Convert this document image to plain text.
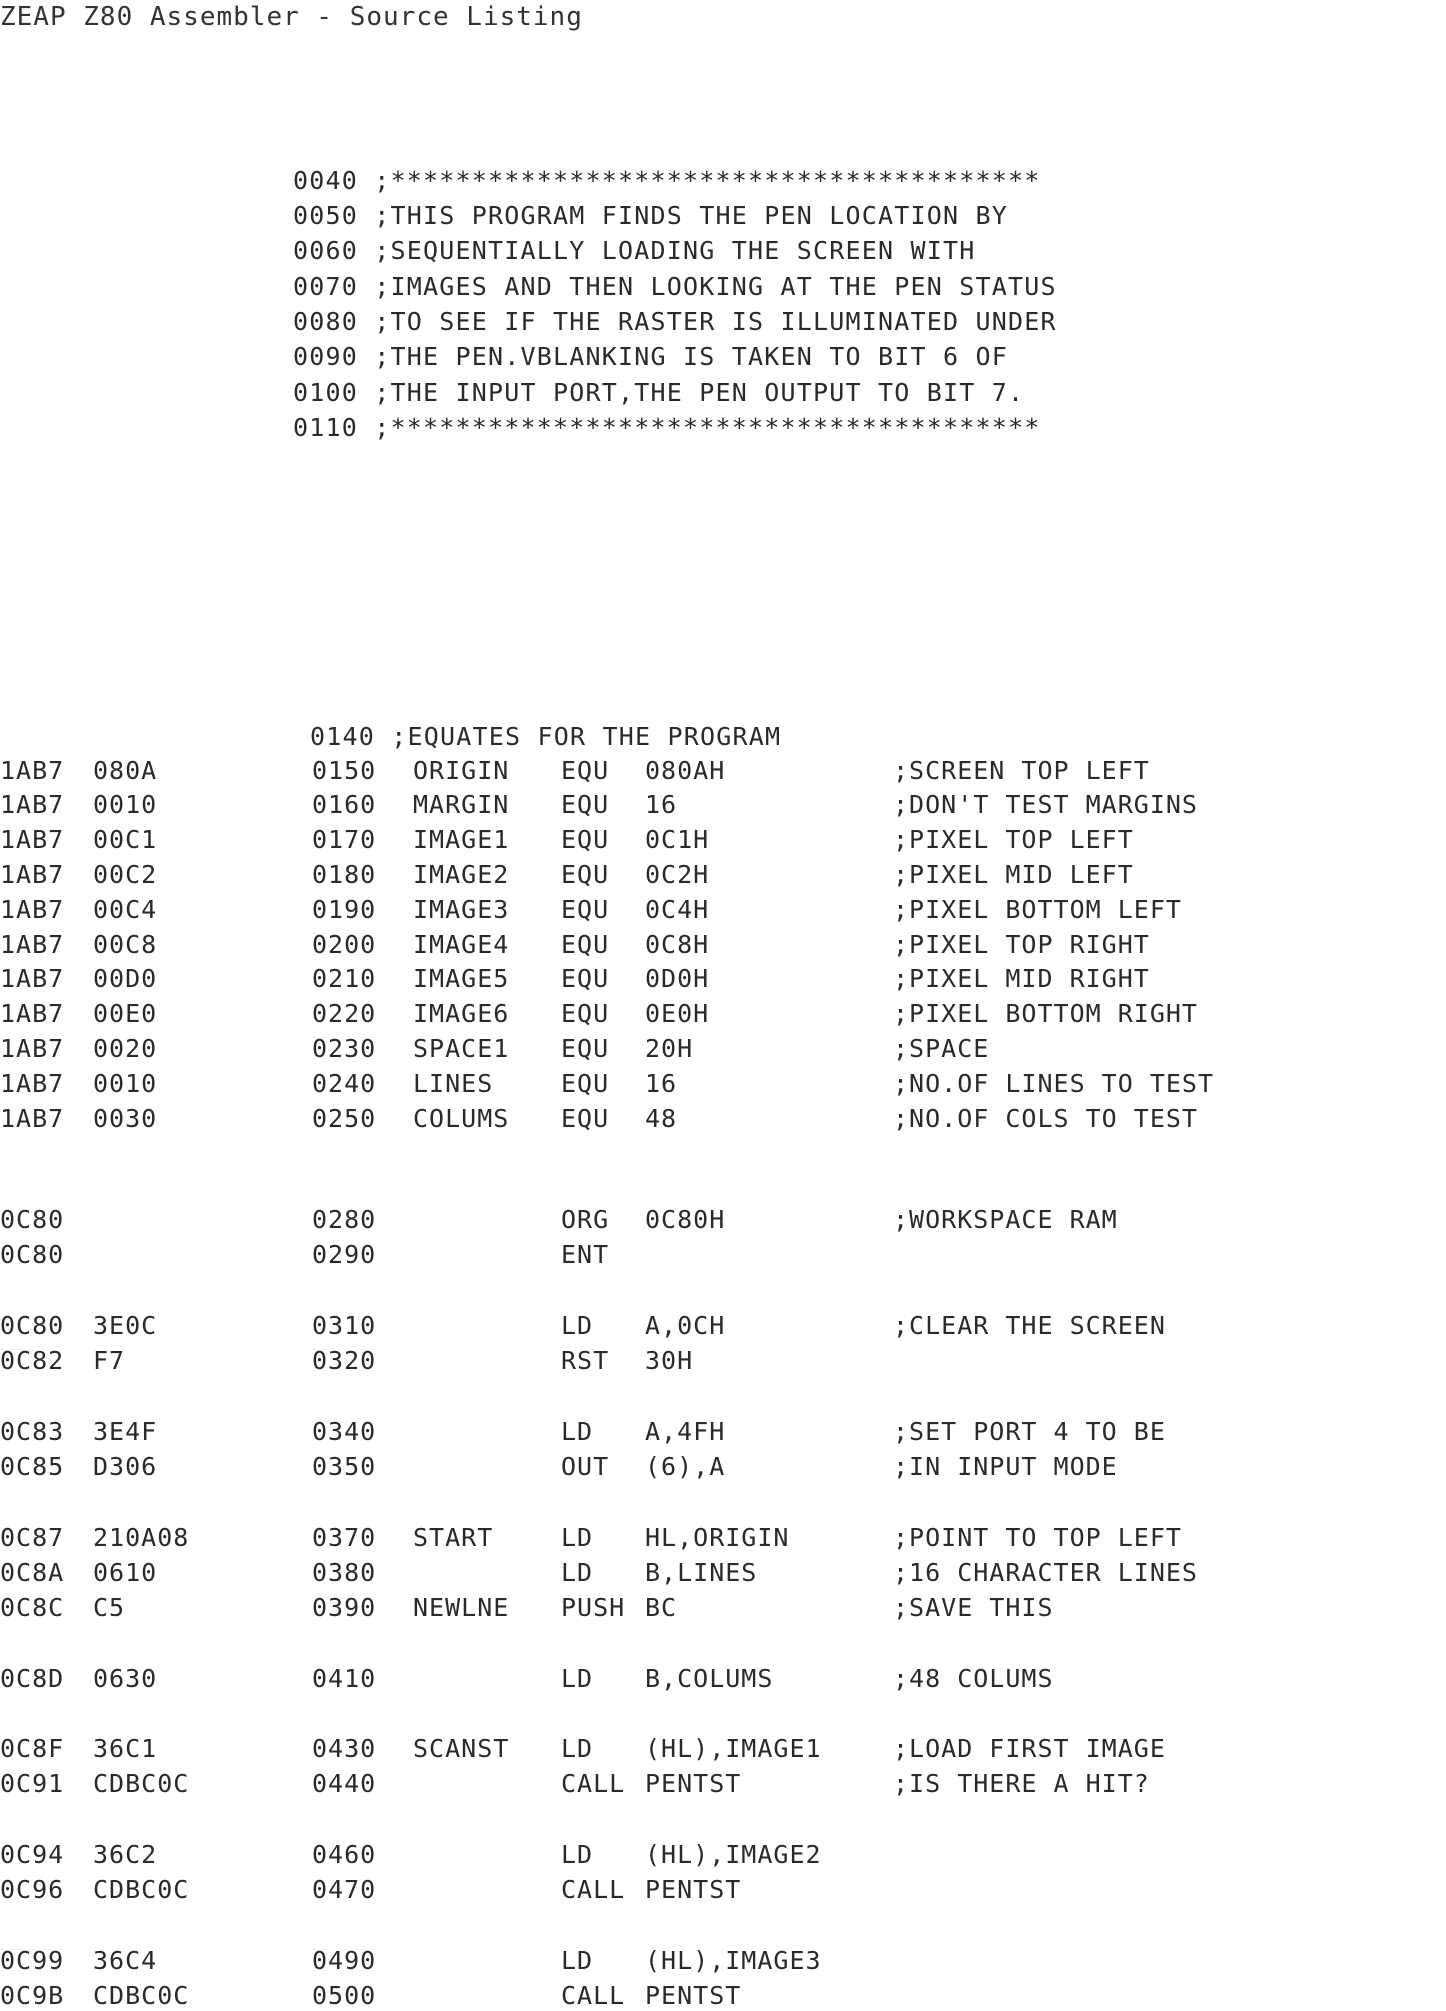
ZEAP Z80 Assembler - Source Listing
0040 ;****************************************
0050 ;THIS PROGRAM FINDS THE PEN LOCATION BY
0060 ;SEQUENTIALLY LOADING THE SCREEN WITH
0070 ;IMAGES AND THEN LOOKING AT THE PEN STATUS
0080 ;TO SEE IF THE RASTER IS ILLUMINATED UNDER
0090 ;THE PEN.VBLANKING IS TAKEN TO BIT 6 OF
0100 ;THE INPUT PORT,THE PEN OUTPUT TO BIT 7.
0110 ;****************************************
0140 ;EQUATES FOR THE PROGRAM
1AB7 080A	0150 ORIGIN EQU 080AH	;SCREEN TOP LEFT
1AB7 0010	0160 MARGIN EQU 16	;DON'T TEST MARGINS
1AB7 00C1	0170 IMAGE1 EQU 0C1H	;PIXEL TOP LEFT
1AB7 00C2	0180 IMAGE2 EQU 0C2H	;PIXEL MID LEFT
1AB7 00C4	0190 IMAGE3 EQU 0C4H	;PIXEL BOTTOM LEFT
1AB7 00C8	0200 IMAGE4 EQU 0C8H	;PIXEL TOP RIGHT
1AB7 00D0	0210 IMAGE5 EQU 0D0H	;PIXEL MID RIGHT
1AB7 00E0	0220 IMAGE6 EQU 0E0H	;PIXEL BOTTOM RIGHT
1AB7 0020	0230 SPACE1 EQU 20H	;SPACE
1AB7 0010	0240 LINES	EQU 16	;NO.OF LINES TO TEST
1AB7 0030	0250 COLUMS EQU 48	;NO.OF COLS TO TEST
0C80	0280	ORG 0C80H	;WORKSPACE RAM
0C80	0290	ENT
0C80 3E0C	0310	LD A,0CH	;CLEAR THE SCREEN
0C82 F7	0320	RST 30H
0C83 3E4F	0340	LD A,4FH	;SET PORT 4 TO BE
0C85 D306	0350	OUT (6),A	;IN INPUT MODE
0C87 210A08	0370 START	LD HL,ORIGIN	;POINT TO TOP LEFT
0C8A 0610	0380	LD B,LINES	;16 CHARACTER LINES
0C8C C5	0390 NEWLNE PUSH BC	;SAVE THIS
0C8D 0630	0410	LD B,COLUMS	;48 COLUMS
0C8F 36C1	0430 SCANST LD (HL),IMAGE1	;LOAD FIRST IMAGE
0C91 CDBC0C	0440	CALL PENTST	;IS THERE A HIT?
0C94 36C2	0460	LD (HL),IMAGE2
0C96 CDBC0C	0470	CALL PENTST
0C99 36C4	0490	LD (HL),IMAGE3
0C9B CDBC0C	0500	CALL PENTST
